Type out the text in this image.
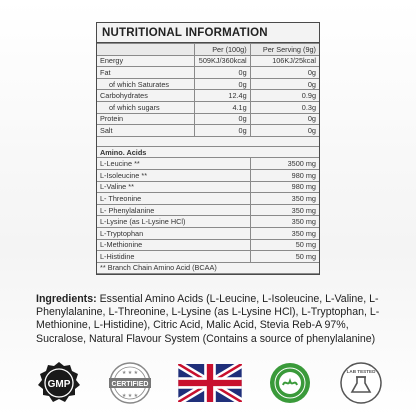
NUTRITIONAL INFORMATION
	Per (100g)	Per Serving (9g)
Energy	509KJ/360kcal	106KJ/25kcal
Fat	0g	0g
of which Saturates	0g	0g
Carbohydrates	12.4g	0.9g
of which sugars	4.1g	0.3g
Protein	0g	0g
Salt	0g	0g

Amino. Acids		
L-Leucine **		3500 mg
L-Isoleucine **		980 mg
L-Valine **		980 mg
L- Threonine		350 mg
L- Phenylalanine		350 mg
L-Lysine (as L-Lysine HCl)		350 mg
L-Tryptophan		350 mg
L-Methionine		50 mg
L-Histidine		50 mg
** Branch Chain Amino Acid (BCAA)		
Ingredients: Essential Amino Acids (L-Leucine, L-Isoleucine, L-Valine, L-Phenylalanine, L-Threonine, L-Lysine (as L-Lysine HCl), L-Tryptophan, L-Methionine, L-Histidine), Citric Acid, Malic Acid, Stevia Reb-A 97%, Sucralose, Natural Flavour System (Contains a source of phenylalanine)
GMP	CERTIFIED
★ ★ ★
★ ★ ★
LAB TESTED
